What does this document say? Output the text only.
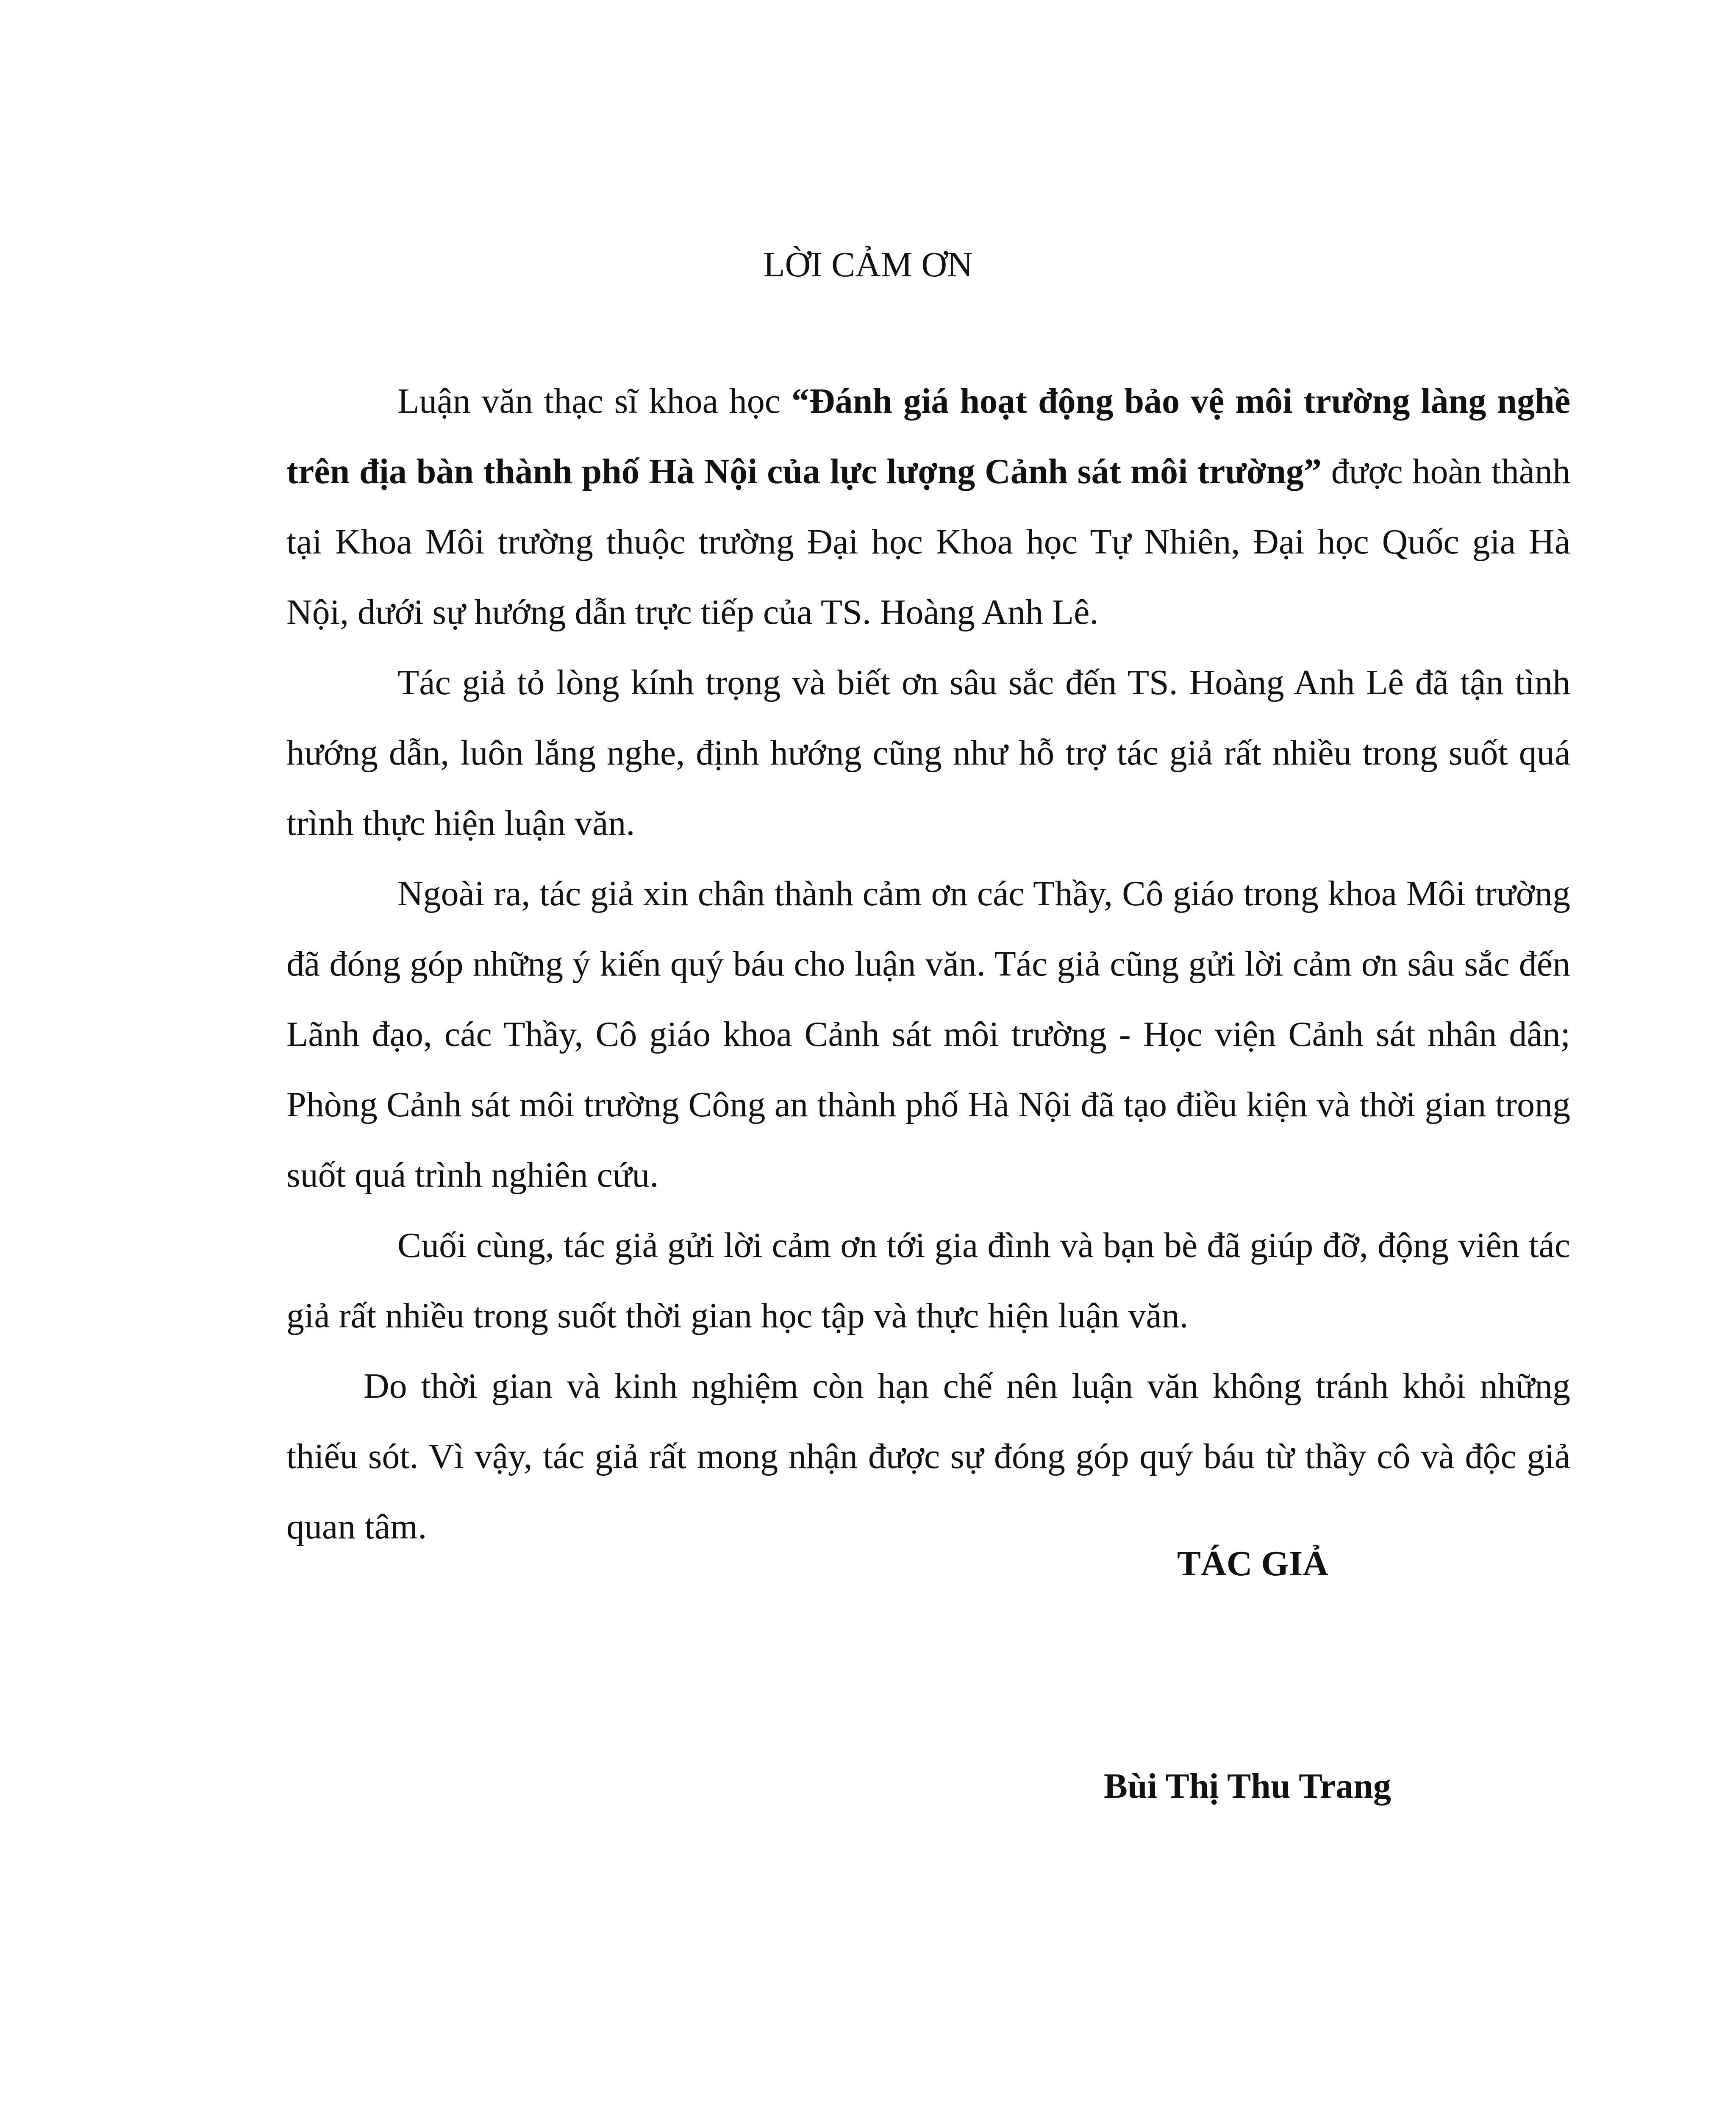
LỜI CẢM ƠN

Luận văn thạc sĩ khoa học “Đánh giá hoạt động bảo vệ môi trường làng nghề trên địa bàn thành phố Hà Nội của lực lượng Cảnh sát môi trường” được hoàn thành tại Khoa Môi trường thuộc trường Đại học Khoa học Tự Nhiên, Đại học Quốc gia Hà Nội, dưới sự hướng dẫn trực tiếp của TS. Hoàng Anh Lê.

Tác giả tỏ lòng kính trọng và biết ơn sâu sắc đến TS. Hoàng Anh Lê đã tận tình hướng dẫn, luôn lắng nghe, định hướng cũng như hỗ trợ tác giả rất nhiều trong suốt quá trình thực hiện luận văn.

Ngoài ra, tác giả xin chân thành cảm ơn các Thầy, Cô giáo trong khoa Môi trường đã đóng góp những ý kiến quý báu cho luận văn. Tác giả cũng gửi lời cảm ơn sâu sắc đến Lãnh đạo, các Thầy, Cô giáo khoa Cảnh sát môi trường - Học viện Cảnh sát nhân dân; Phòng Cảnh sát môi trường Công an thành phố Hà Nội đã tạo điều kiện và thời gian trong suốt quá trình nghiên cứu.

Cuối cùng, tác giả gửi lời cảm ơn tới gia đình và bạn bè đã giúp đỡ, động viên tác giả rất nhiều trong suốt thời gian học tập và thực hiện luận văn.

Do thời gian và kinh nghiệm còn hạn chế nên luận văn không tránh khỏi những thiếu sót. Vì vậy, tác giả rất mong nhận được sự đóng góp quý báu từ thầy cô và độc giả quan tâm.

TÁC GIẢ

Bùi Thị Thu Trang
